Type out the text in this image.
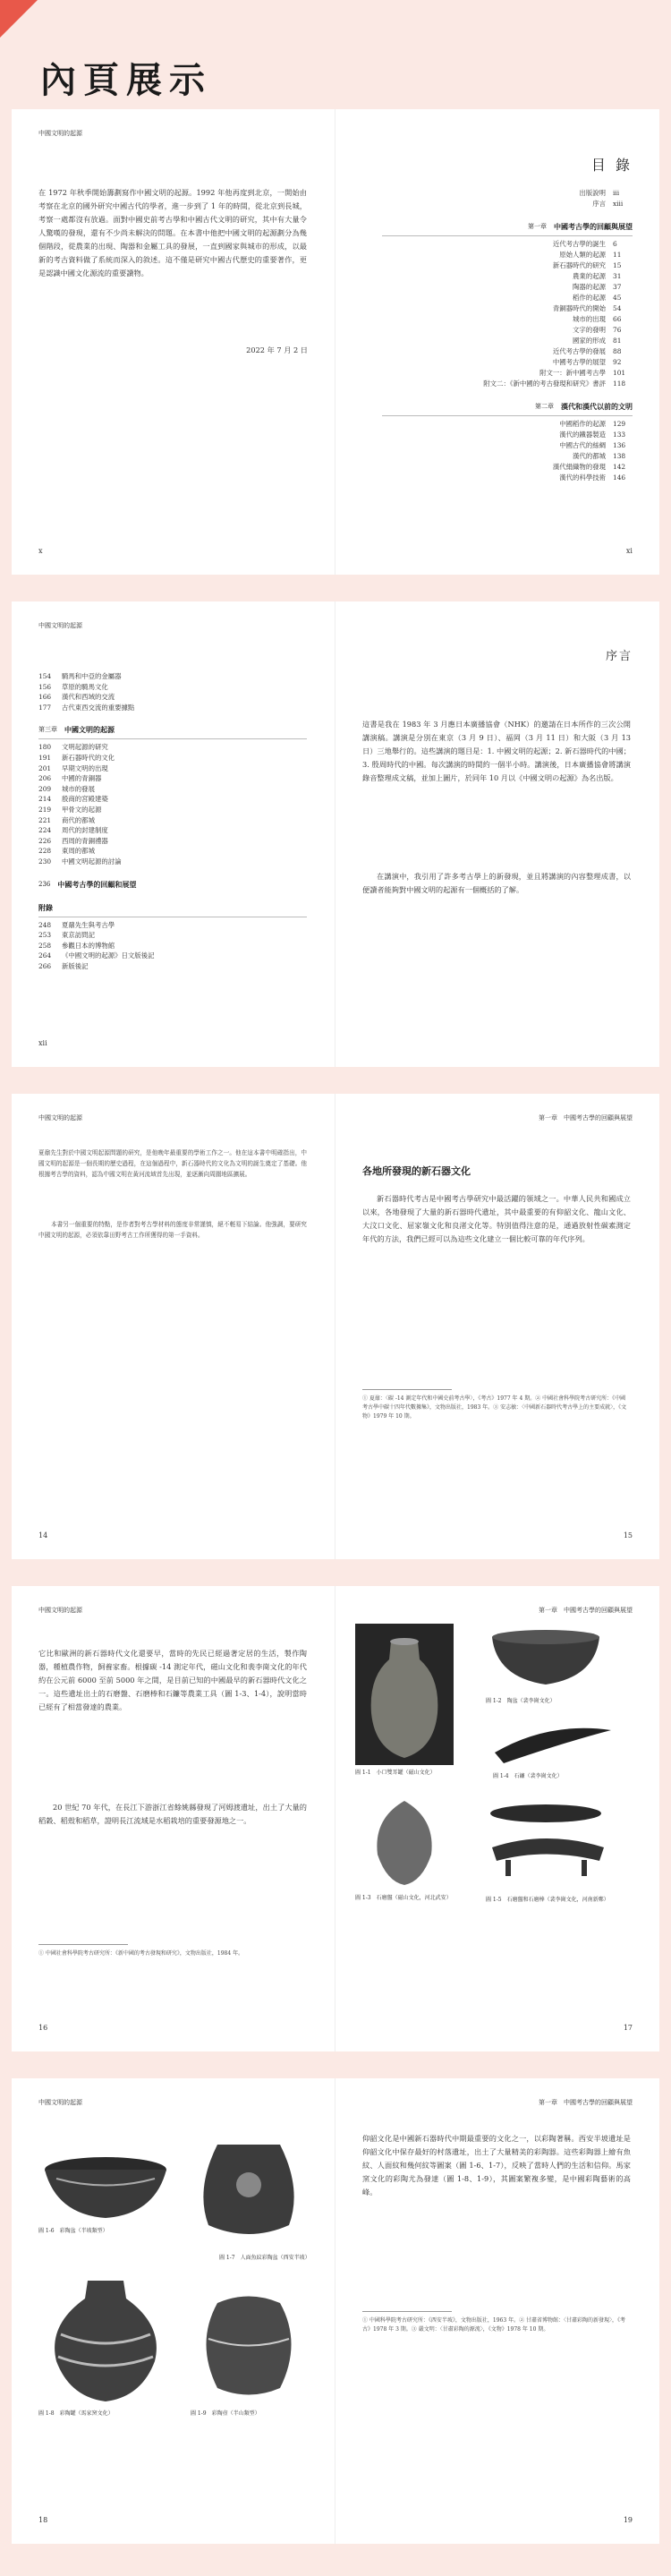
內頁展示
中國文明的起源
在 1972 年秋季開始籌劃寫作中國文明的起源。1992 年他再度到北京，一開始由考察在北京的國外研究中國古代的學者，進一步到了 1 年的時間，從北京到長城，考察一處都沒有放過。面對中國史前考古學和中國古代文明的研究，其中有大量令人驚嘆的發現，還有不少尚未解決的問題。在本書中他把中國文明的起源劃分為幾個階段，從農業的出現、陶器和金屬工具的發展，一直到國家與城市的形成，以最新的考古資料做了系統而深入的敘述。這不僅是研究中國古代歷史的重要著作，更是認識中國文化源流的重要讀物。
2022 年 7 月 2 日
x
目 錄
出版說明	iii
序言	xiii
第一章 中國考古學的回顧與展望
近代考古學的誕生	6
原始人類的起源	11
新石器時代的研究	15
農業的起源	31
陶器的起源	37
稻作的起源	45
青銅器時代的開始	54
城市的出現	66
文字的發明	76
國家的形成	81
近代考古學的發展	88
中國考古學的展望	92
附文一：新中國考古學	101
附文二：《新中國的考古發現和研究》書評	118
第二章 漢代和漢代以前的文明
中國稻作的起源	129
漢代的鐵器製造	133
中國古代的絲綢	136
漢代的都城	138
漢代絹織物的發現	142
漢代的科學技術	146
xi
中國文明的起源
154	騎馬和中亞的金屬器
156	草原的騎馬文化
166	漢代和西域的交流
177	古代東西交流的重要據點
第三章 中國文明的起源
180	文明起源的研究
191	新石器時代的文化
201	早期文明的出現
206	中國的青銅器
209	城市的發展
214	殷商的宮殿建築
219	甲骨文的起源
221	商代的都城
224	周代的封建制度
226	西周的青銅禮器
228	東周的都城
230	中國文明起源的討論
236 中國考古學的回顧和展望
附錄
248	夏鼐先生與考古學
253	東京訪問記
258	參觀日本的博物館
264	《中國文明的起源》日文版後記
266	新版後記
xii
序言
這書是我在 1983 年 3 月應日本廣播協會（NHK）的邀請在日本所作的三次公開講演稿。講演是分別在東京（3 月 9 日）、福岡（3 月 11 日）和大阪（3 月 13 日）三地舉行的。這些講演的題目是：1. 中國文明的起源；2. 新石器時代的中國；3. 殷周時代的中國。每次講演的時間約一個半小時。講演後，日本廣播協會將講演錄音整理成文稿，並加上圖片，於同年 10 月以《中國文明の起源》為名出版。
在講演中，我引用了許多考古學上的新發現，並且將講演的內容整理成書，以便讀者能夠對中國文明的起源有一個概括的了解。
中國文明的起源
夏鼐先生對於中國文明起源問題的研究，是他晚年最重要的學術工作之一。他在這本書中明確指出，中國文明的起源是一個長期的歷史過程，在這個過程中，新石器時代的文化為文明的誕生奠定了基礎。他根據考古學的資料，認為中國文明在黃河流域首先出現，並逐漸向周圍地區擴展。
本書另一個重要的特點，是作者對考古學材料的態度非常謹慎，絕不輕易下結論。他強調，要研究中國文明的起源，必須依靠田野考古工作所獲得的第一手資料。
14
第一章　中國考古學的回顧與展望
各地所發現的新石器文化
新石器時代考古是中國考古學研究中最活躍的領域之一。中華人民共和國成立以來，各地發現了大量的新石器時代遺址，其中最重要的有仰韶文化、龍山文化、大汶口文化、屈家嶺文化和良渚文化等。特別值得注意的是，通過放射性碳素測定年代的方法，我們已經可以為這些文化建立一個比較可靠的年代序列。
① 夏鼐：〈碳 -14 測定年代和中國史前考古學〉，《考古》1977 年 4 期。② 中國社會科學院考古研究所：《中國考古學中碳十四年代數據集》，文物出版社，1983 年。③ 安志敏：〈中國新石器時代考古學上的主要成就〉，《文物》1979 年 10 期。
15
中國文明的起源
它比和歐洲的新石器時代文化還要早，當時的先民已經過著定居的生活，製作陶器，種植農作物，飼養家畜。根據碳 -14 測定年代，磁山文化和裴李崗文化的年代約在公元前 6000 至前 5000 年之間，是目前已知的中國最早的新石器時代文化之一。這些遺址出土的石磨盤、石磨棒和石鐮等農業工具（圖 1-3、1-4），說明當時已經有了相當發達的農業。
20 世紀 70 年代，在長江下游浙江省餘姚縣發現了河姆渡遺址，出土了大量的稻穀、稻殼和稻草，證明長江流域是水稻栽培的重要發源地之一。
① 中國社會科學院考古研究所：《新中國的考古發現和研究》，文物出版社，1984 年。
16
第一章　中國考古學的回顧與展望
圖 1-1　小口雙耳罐（磁山文化）
圖 1-2　陶盆（裴李崗文化）
圖 1-4　石鐮（裴李崗文化）
圖 1-3　石磨盤（磁山文化，河北武安）	圖 1-5　石磨盤和石磨棒（裴李崗文化，河南新鄭）
17
中國文明的起源
圖 1-6　彩陶盆（半坡類型）
圖 1-7　人面魚紋彩陶盆（西安半坡）
圖 1-8　彩陶罐（馬家窯文化）	圖 1-9　彩陶壺（半山類型）
18
第一章　中國考古學的回顧與展望
仰韶文化是中國新石器時代中期最重要的文化之一，以彩陶著稱。西安半坡遺址是仰韶文化中保存最好的村落遺址，出土了大量精美的彩陶器。這些彩陶器上繪有魚紋、人面紋和幾何紋等圖案（圖 1-6、1-7），反映了當時人們的生活和信仰。馬家窯文化的彩陶尤為發達（圖 1-8、1-9），其圖案繁複多變，是中國彩陶藝術的高峰。
① 中國科學院考古研究所：《西安半坡》，文物出版社，1963 年。② 甘肅省博物館：〈甘肅彩陶的新發現〉，《考古》1978 年 3 期。③ 嚴文明：〈甘肅彩陶的源流〉，《文物》1978 年 10 期。
19
